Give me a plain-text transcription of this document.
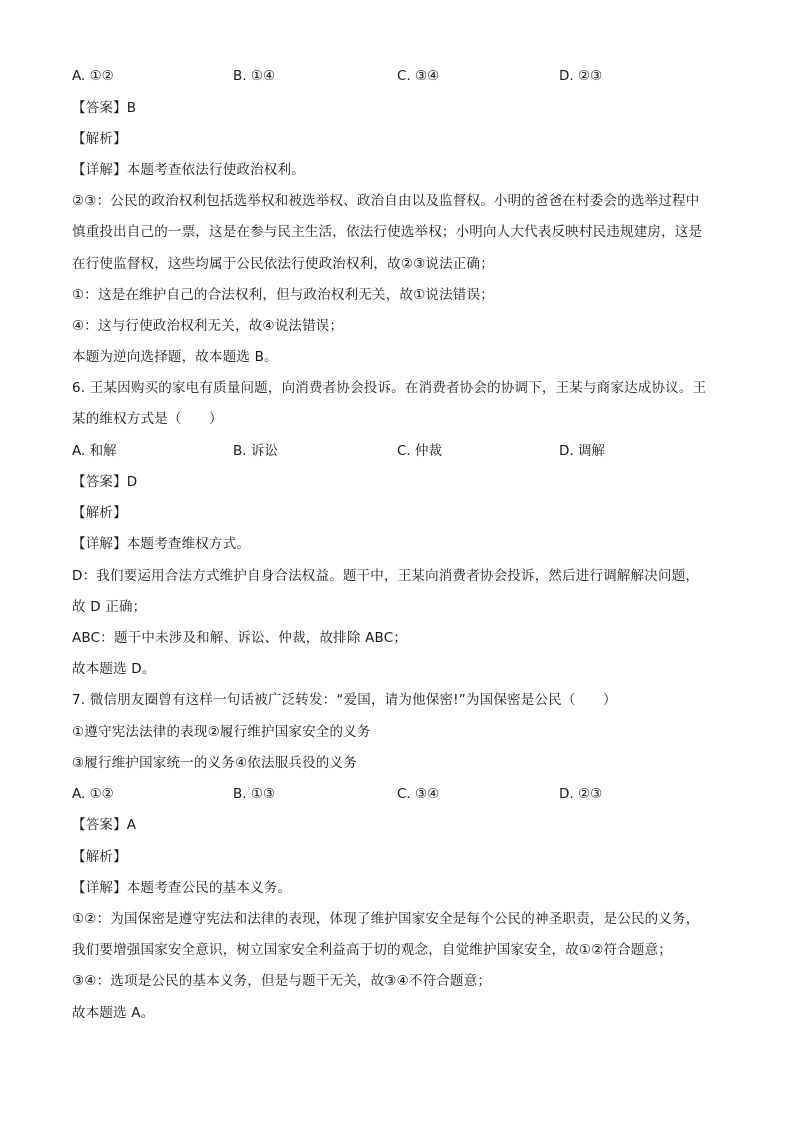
A. ①②	B. ①④	C. ③④	D. ②③
【答案】B
【解析】
【详解】本题考查依法行使政治权利。
②③：公民的政治权利包括选举权和被选举权、政治自由以及监督权。小明的爸爸在村委会的选举过程中
慎重投出自己的一票，这是在参与民主生活，依法行使选举权；小明向人大代表反映村民违规建房，这是
在行使监督权，这些均属于公民依法行使政治权利，故②③说法正确；
①：这是在维护自己的合法权利，但与政治权利无关，故①说法错误；
④：这与行使政治权利无关，故④说法错误；
本题为逆向选择题，故本题选 B。
6. 王某因购买的家电有质量问题，向消费者协会投诉。在消费者协会的协调下，王某与商家达成协议。王
某的维权方式是（　　）
A. 和解	B. 诉讼	C. 仲裁	D. 调解
【答案】D
【解析】
【详解】本题考查维权方式。
D：我们要运用合法方式维护自身合法权益。题干中，王某向消费者协会投诉，然后进行调解解决问题，
故 D 正确；
ABC：题干中未涉及和解、诉讼、仲裁，故排除 ABC；
故本题选 D。
7. 微信朋友圈曾有这样一句话被广泛转发：“爱国，请为他保密!”为国保密是公民（　　）
①遵守宪法法律的表现②履行维护国家安全的义务
③履行维护国家统一的义务④依法服兵役的义务
A. ①②	B. ①③	C. ③④	D. ②③
【答案】A
【解析】
【详解】本题考查公民的基本义务。
①②：为国保密是遵守宪法和法律的表现，体现了维护国家安全是每个公民的神圣职责，是公民的义务，
我们要增强国家安全意识，树立国家安全利益高于切的观念，自觉维护国家安全，故①②符合题意；
③④：选项是公民的基本义务，但是与题干无关，故③④不符合题意；
故本题选 A。
